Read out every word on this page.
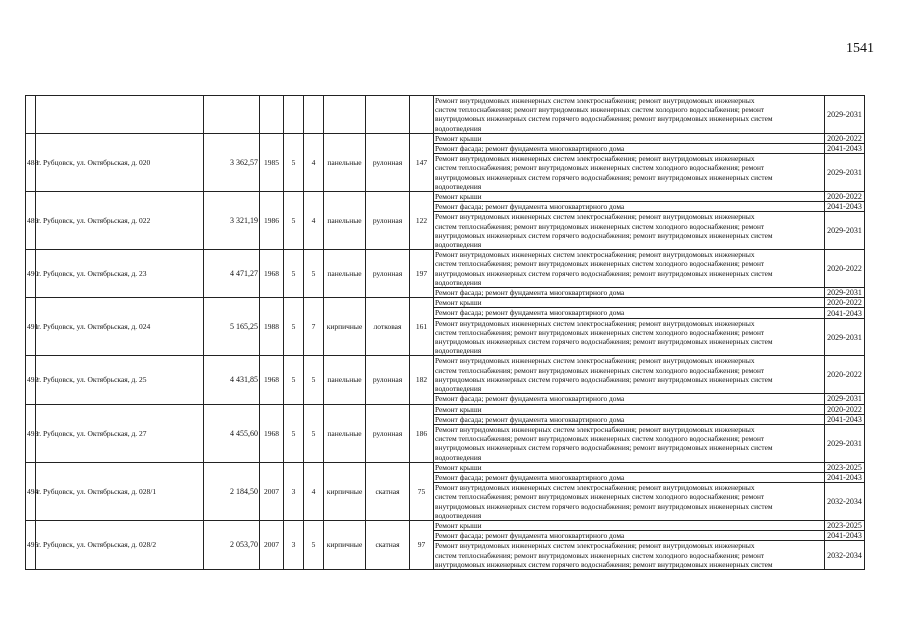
1541

									Ремонт внутридомовых инженерных систем электроснабжения; ремонт внутридомовых инженерных
систем теплоснабжения; ремонт внутридомовых инженерных систем холодного водоснабжения; ремонт
внутридомовых инженерных систем горячего водоснабжения; ремонт внутридомовых инженерных систем
водоотведения	2029-2031
488	г. Рубцовск, ул. Октябрьская, д. 020	3 362,57	1985	5	4	панельные	рулонная	147	Ремонт крыши	2020-2022

									Ремонт фасада; ремонт фундамента многоквартирного дома	2041-2043

									Ремонт внутридомовых инженерных систем электроснабжения; ремонт внутридомовых инженерных
систем теплоснабжения; ремонт внутридомовых инженерных систем холодного водоснабжения; ремонт
внутридомовых инженерных систем горячего водоснабжения; ремонт внутридомовых инженерных систем
водоотведения	2029-2031
489	г. Рубцовск, ул. Октябрьская, д. 022	3 321,19	1986	5	4	панельные	рулонная	122	Ремонт крыши	2020-2022

									Ремонт фасада; ремонт фундамента многоквартирного дома	2041-2043

									Ремонт внутридомовых инженерных систем электроснабжения; ремонт внутридомовых инженерных
систем теплоснабжения; ремонт внутридомовых инженерных систем холодного водоснабжения; ремонт
внутридомовых инженерных систем горячего водоснабжения; ремонт внутридомовых инженерных систем
водоотведения	2029-2031
490	г. Рубцовск, ул. Октябрьская, д. 23	4 471,27	1968	5	5	панельные	рулонная	197	Ремонт внутридомовых инженерных систем электроснабжения; ремонт внутридомовых инженерных
систем теплоснабжения; ремонт внутридомовых инженерных систем холодного водоснабжения; ремонт
внутридомовых инженерных систем горячего водоснабжения; ремонт внутридомовых инженерных систем
водоотведения	2020-2022

									Ремонт фасада; ремонт фундамента многоквартирного дома	2029-2031
491	г. Рубцовск, ул. Октябрьская, д. 024	5 165,25	1988	5	7	кирпичные	лотковая	161	Ремонт крыши	2020-2022

									Ремонт фасада; ремонт фундамента многоквартирного дома	2041-2043

									Ремонт внутридомовых инженерных систем электроснабжения; ремонт внутридомовых инженерных
систем теплоснабжения; ремонт внутридомовых инженерных систем холодного водоснабжения; ремонт
внутридомовых инженерных систем горячего водоснабжения; ремонт внутридомовых инженерных систем
водоотведения	2029-2031
492	г. Рубцовск, ул. Октябрьская, д. 25	4 431,85	1968	5	5	панельные	рулонная	182	Ремонт внутридомовых инженерных систем электроснабжения; ремонт внутридомовых инженерных
систем теплоснабжения; ремонт внутридомовых инженерных систем холодного водоснабжения; ремонт
внутридомовых инженерных систем горячего водоснабжения; ремонт внутридомовых инженерных систем
водоотведения	2020-2022

									Ремонт фасада; ремонт фундамента многоквартирного дома	2029-2031
493	г. Рубцовск, ул. Октябрьская, д. 27	4 455,60	1968	5	5	панельные	рулонная	186	Ремонт крыши	2020-2022

									Ремонт фасада; ремонт фундамента многоквартирного дома	2041-2043

									Ремонт внутридомовых инженерных систем электроснабжения; ремонт внутридомовых инженерных
систем теплоснабжения; ремонт внутридомовых инженерных систем холодного водоснабжения; ремонт
внутридомовых инженерных систем горячего водоснабжения; ремонт внутридомовых инженерных систем
водоотведения	2029-2031
494	г. Рубцовск, ул. Октябрьская, д. 028/1	2 184,50	2007	3	4	кирпичные	скатная	75	Ремонт крыши	2023-2025

									Ремонт фасада; ремонт фундамента многоквартирного дома	2041-2043

									Ремонт внутридомовых инженерных систем электроснабжения; ремонт внутридомовых инженерных
систем теплоснабжения; ремонт внутридомовых инженерных систем холодного водоснабжения; ремонт
внутридомовых инженерных систем горячего водоснабжения; ремонт внутридомовых инженерных систем
водоотведения	2032-2034
495	г. Рубцовск, ул. Октябрьская, д. 028/2	2 053,70	2007	3	5	кирпичные	скатная	97	Ремонт крыши	2023-2025

									Ремонт фасада; ремонт фундамента многоквартирного дома	2041-2043

									Ремонт внутридомовых инженерных систем электроснабжения; ремонт внутридомовых инженерных
систем теплоснабжения; ремонт внутридомовых инженерных систем холодного водоснабжения; ремонт
внутридомовых инженерных систем горячего водоснабжения; ремонт внутридомовых инженерных систем	2032-2034
